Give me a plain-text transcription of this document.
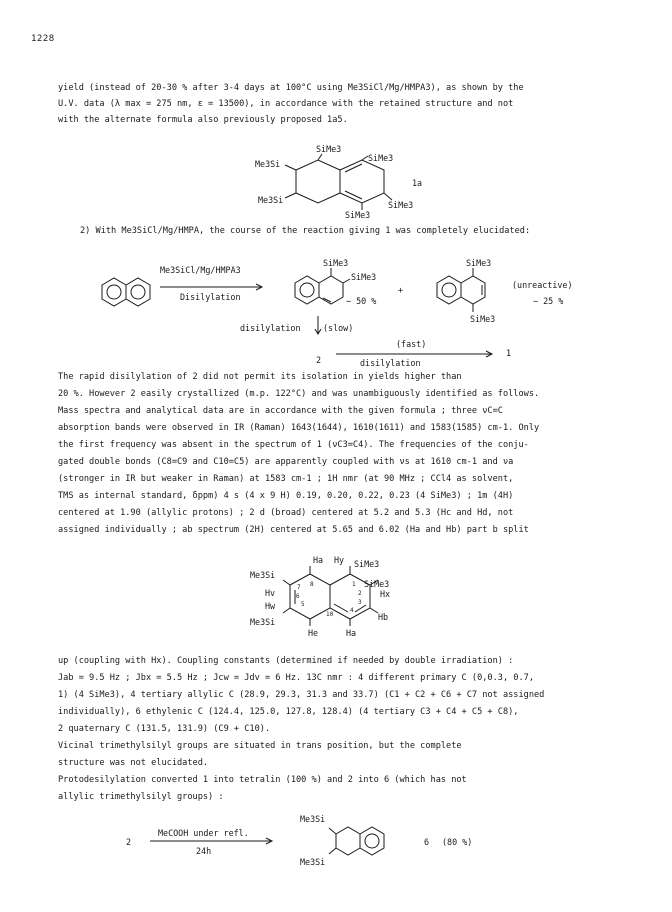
1228
yield (instead of 20-30 % after 3-4 days at 100°C using Me3SiCl/Mg/HMPA3), as shown by the
U.V. data (λ max = 275 nm, ε = 13500), in accordance with the retained structure and not
with the alternate formula also previously proposed 1a5.
Me3Si
SiMe3
SiMe3
Me3Si	SiMe3
SiMe3
1a
2) With Me3SiCl/Mg/HMPA, the course of the reaction giving 1 was completely elucidated:
Me3SiCl/Mg/HMPA3
Disilylation
SiMe3
SiMe3
∼ 50 %
+
SiMe3
SiMe3
(unreactive)
∼ 25 %
disilylation	(slow)
2
(fast)
disilylation
1
The rapid disilylation of 2 did not permit its isolation in yields higher than
20 %. However 2 easily crystallized (m.p. 122°C) and was unambiguously identified as follows.
Mass spectra and analytical data are in accordance with the given formula ; three νC=C
absorption bands were observed in IR (Raman) 1643(1644), 1610(1611) and 1583(1585) cm-1. Only
the first frequency was absent in the spectrum of 1 (νC3=C4). The frequencies of the conju-
gated double bonds (C8=C9 and C10=C5) are apparently coupled with νs at 1610 cm-1 and νa
(stronger in IR but weaker in Raman) at 1583 cm-1 ; 1H nmr (at 90 MHz ; CCl4 as solvent,
TMS as internal standard, δppm) 4 s (4 x 9 H) 0.19, 0.20, 0.22, 0.23 (4 SiMe3) ; 1m (4H)
centered at 1.90 (allylic protons) ; 2 d (broad) centered at 5.2 and 5.3 (Hc and Hd, not
assigned individually ; ab spectrum (2H) centered at 5.65 and 6.02 (Ha and Hb) part b split
Me3Si
Ha Hy SiMe3
SiMe3
Hv	Hx
Hw
Hb
Me3Si
He	Ha
1
2
3
4
5
6
7 8
10
up (coupling with Hx). Coupling constants (determined if needed by double irradiation) :
Jab = 9.5 Hz ; Jbx = 5.5 Hz ; Jcw = Jdv = 6 Hz. 13C nmr : 4 different primary C (0,0.3, 0.7,
1) (4 SiMe3), 4 tertiary allylic C (28.9, 29.3, 31.3 and 33.7) (C1 + C2 + C6 + C7 not assigned
individually), 6 ethylenic C (124.4, 125.0, 127.8, 128.4) (4 tertiary C3 + C4 + C5 + C8),
2 quaternary C (131.5, 131.9) (C9 + C10).
Vicinal trimethylsilyl groups are situated in trans position, but the complete
structure was not elucidated.
Protodesilylation converted 1 into tetralin (100 %) and 2 into 6 (which has not
allylic trimethylsilyl groups) :
2
MeCOOH under refl.
24h
Me3Si
Me3Si
6 (80 %)
